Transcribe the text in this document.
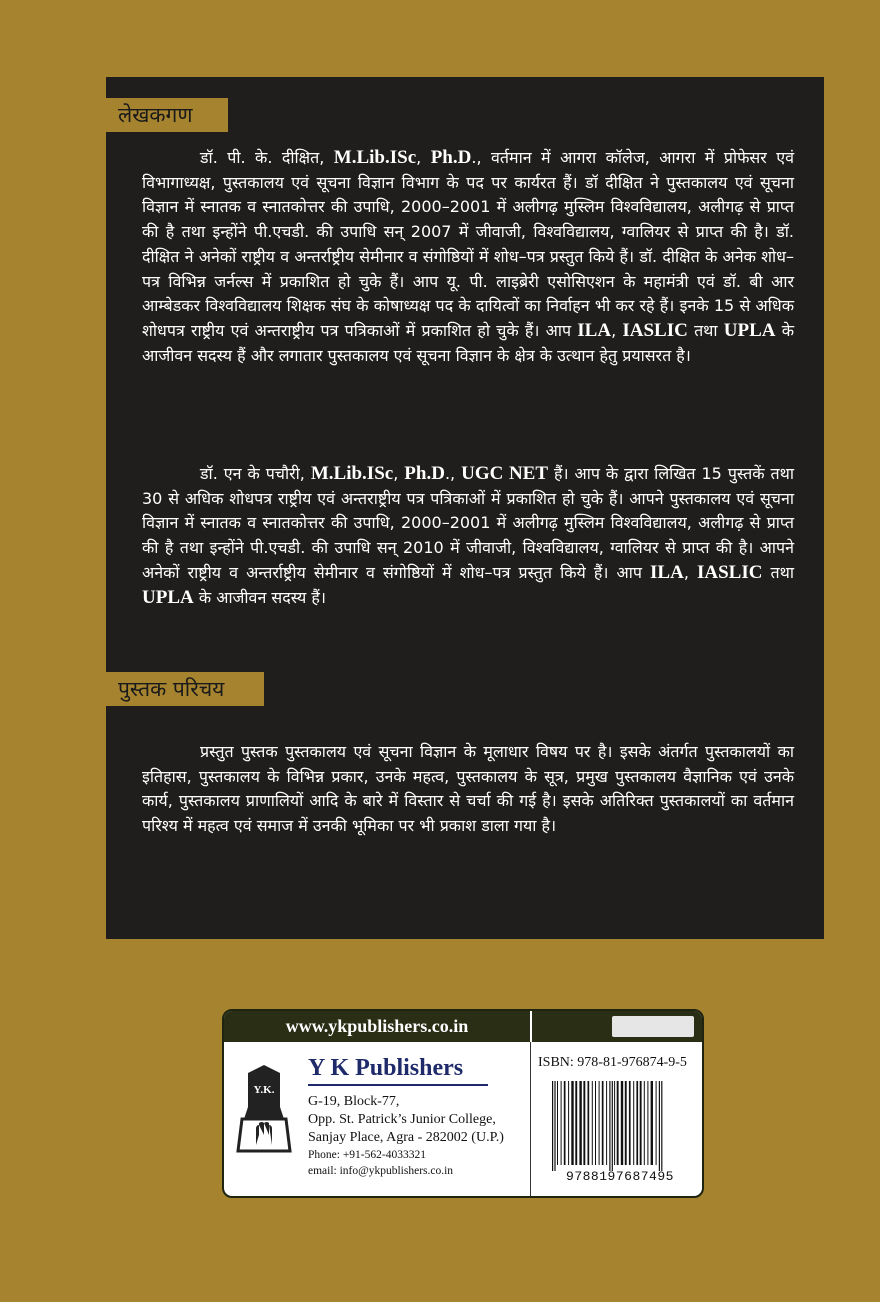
लेखकगण

डॉ. पी. के. दीक्षित, M.Lib.ISc, Ph.D., वर्तमान में आगरा कॉलेज, आगरा में प्रोफेसर एवं विभागाध्यक्ष, पुस्तकालय एवं सूचना विज्ञान विभाग के पद पर कार्यरत हैं। डॉ दीक्षित ने पुस्तकालय एवं सूचना विज्ञान में स्नातक व स्नातकोत्तर की उपाधि, 2000–2001 में अलीगढ़ मुस्लिम विश्वविद्यालय, अलीगढ़ से प्राप्त की है तथा इन्होंने पी.एचडी. की उपाधि सन् 2007 में जीवाजी, विश्वविद्यालय, ग्वालियर से प्राप्त की है। डॉ. दीक्षित ने अनेकों राष्ट्रीय व अन्तर्राष्ट्रीय सेमीनार व संगोष्ठियों में शोध–पत्र प्रस्तुत किये हैं। डॉ. दीक्षित के अनेक शोध–पत्र विभिन्न जर्नल्स में प्रकाशित हो चुके हैं। आप यू. पी. लाइब्रेरी एसोसिएशन के महामंत्री एवं डॉ. बी आर आम्बेडकर विश्वविद्यालय शिक्षक संघ के कोषाध्यक्ष पद के दायित्वों का निर्वाहन भी कर रहे हैं। इनके 15 से अधिक शोधपत्र राष्ट्रीय एवं अन्तराष्ट्रीय पत्र पत्रिकाओं में प्रकाशित हो चुके हैं। आप ILA, IASLIC तथा UPLA के आजीवन सदस्य हैं और लगातार पुस्तकालय एवं सूचना विज्ञान के क्षेत्र के उत्थान हेतु प्रयासरत है।

डॉ. एन के पचौरी, M.Lib.ISc, Ph.D., UGC NET हैं। आप के द्वारा लिखित 15 पुस्तकें तथा 30 से अधिक शोधपत्र राष्ट्रीय एवं अन्तराष्ट्रीय पत्र पत्रिकाओं में प्रकाशित हो चुके हैं। आपने पुस्तकालय एवं सूचना विज्ञान में स्नातक व स्नातकोत्तर की उपाधि, 2000–2001 में अलीगढ़ मुस्लिम विश्वविद्यालय, अलीगढ़ से प्राप्त की है तथा इन्होंने पी.एचडी. की उपाधि सन् 2010 में जीवाजी, विश्वविद्यालय, ग्वालियर से प्राप्त की है। आपने अनेकों राष्ट्रीय व अन्तर्राष्ट्रीय सेमीनार व संगोष्ठियों में शोध–पत्र प्रस्तुत किये हैं। आप ILA, IASLIC तथा UPLA के आजीवन सदस्य हैं।

पुस्तक परिचय

प्रस्तुत पुस्तक पुस्तकालय एवं सूचना विज्ञान के मूलाधार विषय पर है। इसके अंतर्गत पुस्तकालयों का इतिहास, पुस्तकालय के विभिन्न प्रकार, उनके महत्व, पुस्तकालय के सूत्र, प्रमुख पुस्तकालय वैज्ञानिक एवं उनके कार्य, पुस्तकालय प्राणालियों आदि के बारे में विस्तार से चर्चा की गई है। इसके अतिरिक्त पुस्तकालयों का वर्तमान परिश्य में महत्व एवं समाज में उनकी भूमिका पर भी प्रकाश डाला गया है।

www.ykpublishers.co.in
Y.K.
Y K Publishers
G-19, Block-77,
Opp. St. Patrick’s Junior College,
Sanjay Place, Agra - 282002 (U.P.)
Phone: +91-562-4033321
email: info@ykpublishers.co.in
ISBN: 978-81-976874-9-5
9788197687495
